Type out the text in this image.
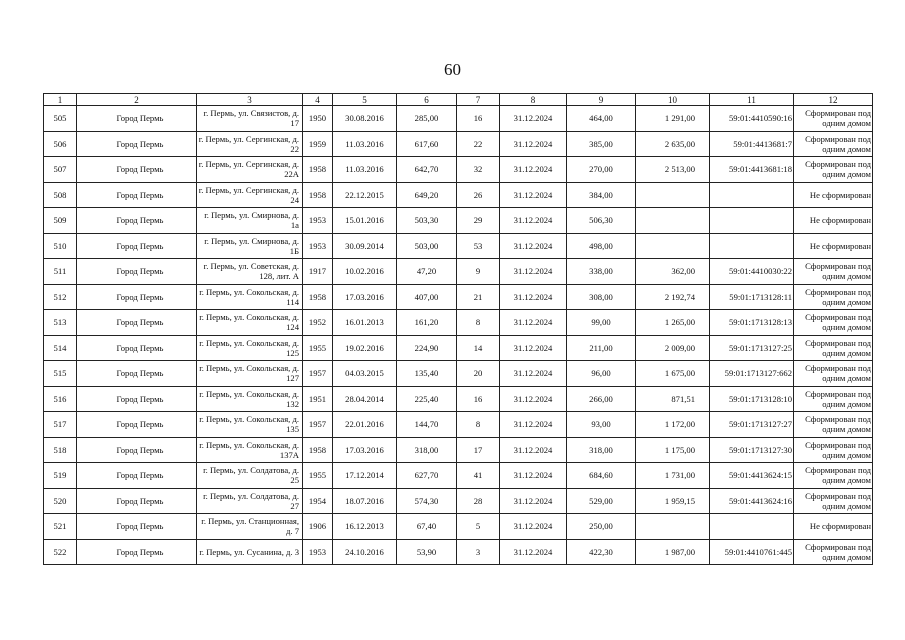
60
1	2	3	4	5	6	7	8	9	10	11	12
505	Город Пермь	г. Пермь, ул. Связистов, д. 17	1950	30.08.2016	285,00	16	31.12.2024	464,00	1 291,00	59:01:4410590:16	Сформирован под одним домом
506	Город Пермь	г. Пермь, ул. Сергинская, д. 22	1959	11.03.2016	617,60	22	31.12.2024	385,00	2 635,00	59:01:4413681:7	Сформирован под одним домом
507	Город Пермь	г. Пермь, ул. Сергинская, д. 22А	1958	11.03.2016	642,70	32	31.12.2024	270,00	2 513,00	59:01:4413681:18	Сформирован под одним домом
508	Город Пермь	г. Пермь, ул. Сергинская, д. 24	1958	22.12.2015	649,20	26	31.12.2024	384,00			Не сформирован
509	Город Пермь	г. Пермь, ул. Смирнова, д. 1а	1953	15.01.2016	503,30	29	31.12.2024	506,30			Не сформирован
510	Город Пермь	г. Пермь, ул. Смирнова, д. 1Б	1953	30.09.2014	503,00	53	31.12.2024	498,00			Не сформирован
511	Город Пермь	г. Пермь, ул. Советская, д. 128, лит. А	1917	10.02.2016	47,20	9	31.12.2024	338,00	362,00	59:01:4410030:22	Сформирован под одним домом
512	Город Пермь	г. Пермь, ул. Сокольская, д. 114	1958	17.03.2016	407,00	21	31.12.2024	308,00	2 192,74	59:01:1713128:11	Сформирован под одним домом
513	Город Пермь	г. Пермь, ул. Сокольская, д. 124	1952	16.01.2013	161,20	8	31.12.2024	99,00	1 265,00	59:01:1713128:13	Сформирован под одним домом
514	Город Пермь	г. Пермь, ул. Сокольская, д. 125	1955	19.02.2016	224,90	14	31.12.2024	211,00	2 009,00	59:01:1713127:25	Сформирован под одним домом
515	Город Пермь	г. Пермь, ул. Сокольская, д. 127	1957	04.03.2015	135,40	20	31.12.2024	96,00	1 675,00	59:01:1713127:662	Сформирован под одним домом
516	Город Пермь	г. Пермь, ул. Сокольская, д. 132	1951	28.04.2014	225,40	16	31.12.2024	266,00	871,51	59:01:1713128:10	Сформирован под одним домом
517	Город Пермь	г. Пермь, ул. Сокольская, д. 135	1957	22.01.2016	144,70	8	31.12.2024	93,00	1 172,00	59:01:1713127:27	Сформирован под одним домом
518	Город Пермь	г. Пермь, ул. Сокольская, д. 137А	1958	17.03.2016	318,00	17	31.12.2024	318,00	1 175,00	59:01:1713127:30	Сформирован под одним домом
519	Город Пермь	г. Пермь, ул. Солдатова, д. 25	1955	17.12.2014	627,70	41	31.12.2024	684,60	1 731,00	59:01:4413624:15	Сформирован под одним домом
520	Город Пермь	г. Пермь, ул. Солдатова, д. 27	1954	18.07.2016	574,30	28	31.12.2024	529,00	1 959,15	59:01:4413624:16	Сформирован под одним домом
521	Город Пермь	г. Пермь, ул. Станционная, д. 7	1906	16.12.2013	67,40	5	31.12.2024	250,00			Не сформирован
522	Город Пермь	г. Пермь, ул. Сусанина, д. 3	1953	24.10.2016	53,90	3	31.12.2024	422,30	1 987,00	59:01:4410761:445	Сформирован под одним домом
